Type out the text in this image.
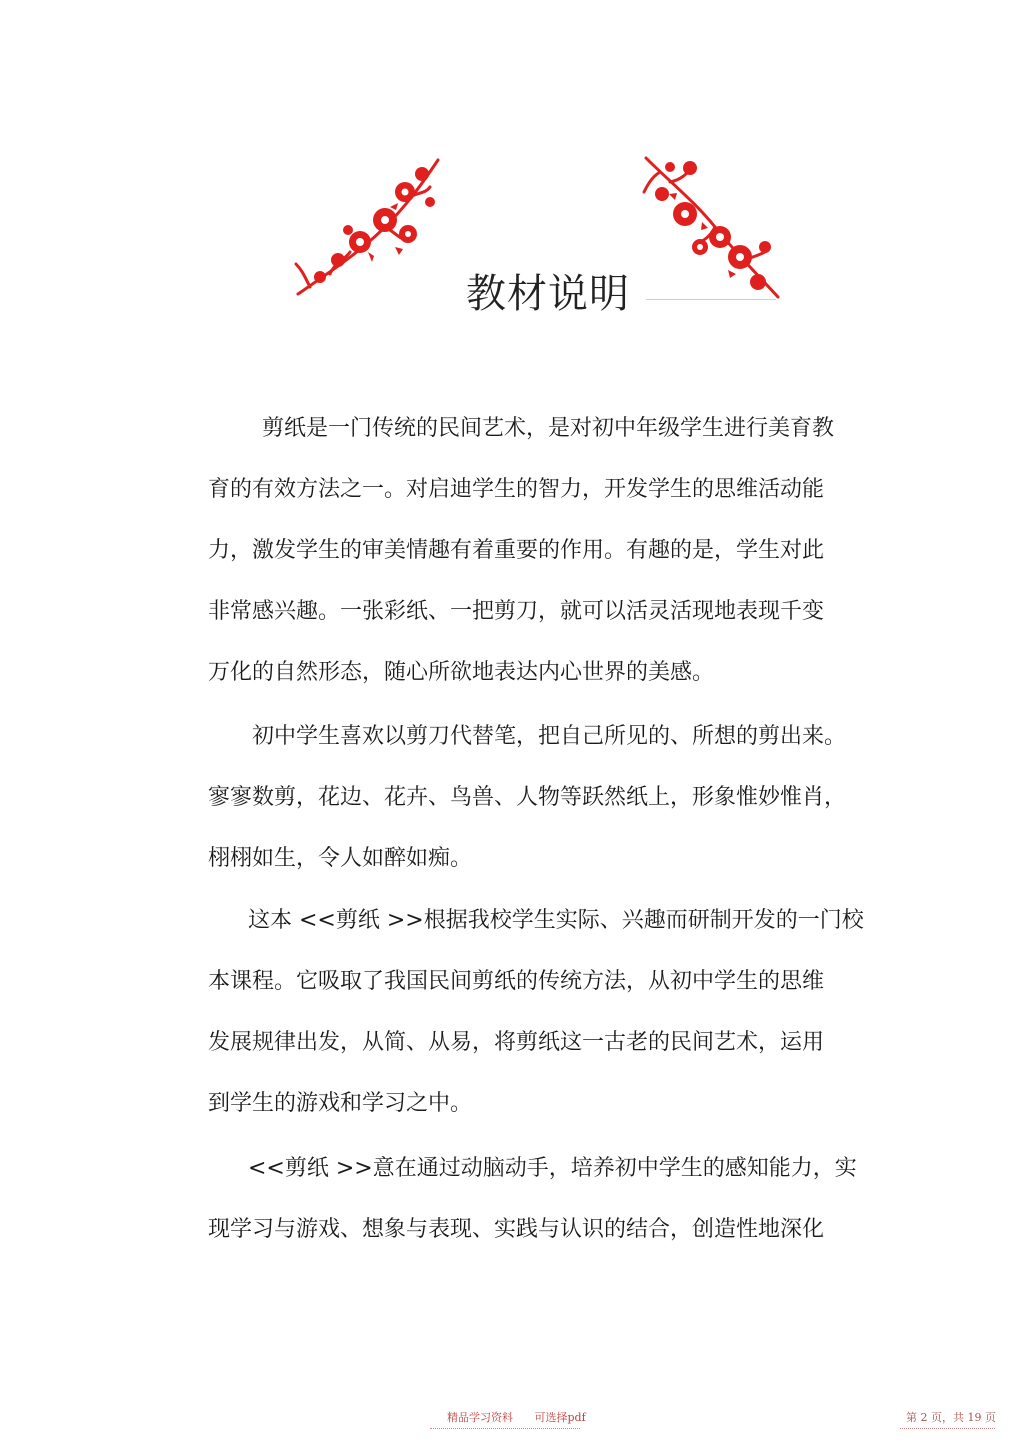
教材说明
剪纸是一门传统的民间艺术，是对初中年级学生进行美育教
育的有效方法之一。对启迪学生的智力，开发学生的思维活动能
力，激发学生的审美情趣有着重要的作用。有趣的是，学生对此
非常感兴趣。一张彩纸、一把剪刀，就可以活灵活现地表现千变
万化的自然形态，随心所欲地表达内心世界的美感。
初中学生喜欢以剪刀代替笔，把自己所见的、所想的剪出来。
寥寥数剪，花边、花卉、鸟兽、人物等跃然纸上，形象惟妙惟肖，
栩栩如生，令人如醉如痴。
这本 <<剪纸 >>根据我校学生实际、兴趣而研制开发的一门校
本课程。它吸取了我国民间剪纸的传统方法，从初中学生的思维
发展规律出发，从简、从易，将剪纸这一古老的民间艺术，运用
到学生的游戏和学习之中。
<<剪纸 >>意在通过动脑动手，培养初中学生的感知能力，实
现学习与游戏、想象与表现、实践与认识的结合，创造性地深化
精品学习资料 可选择pdf	第 2 页，共 19 页
